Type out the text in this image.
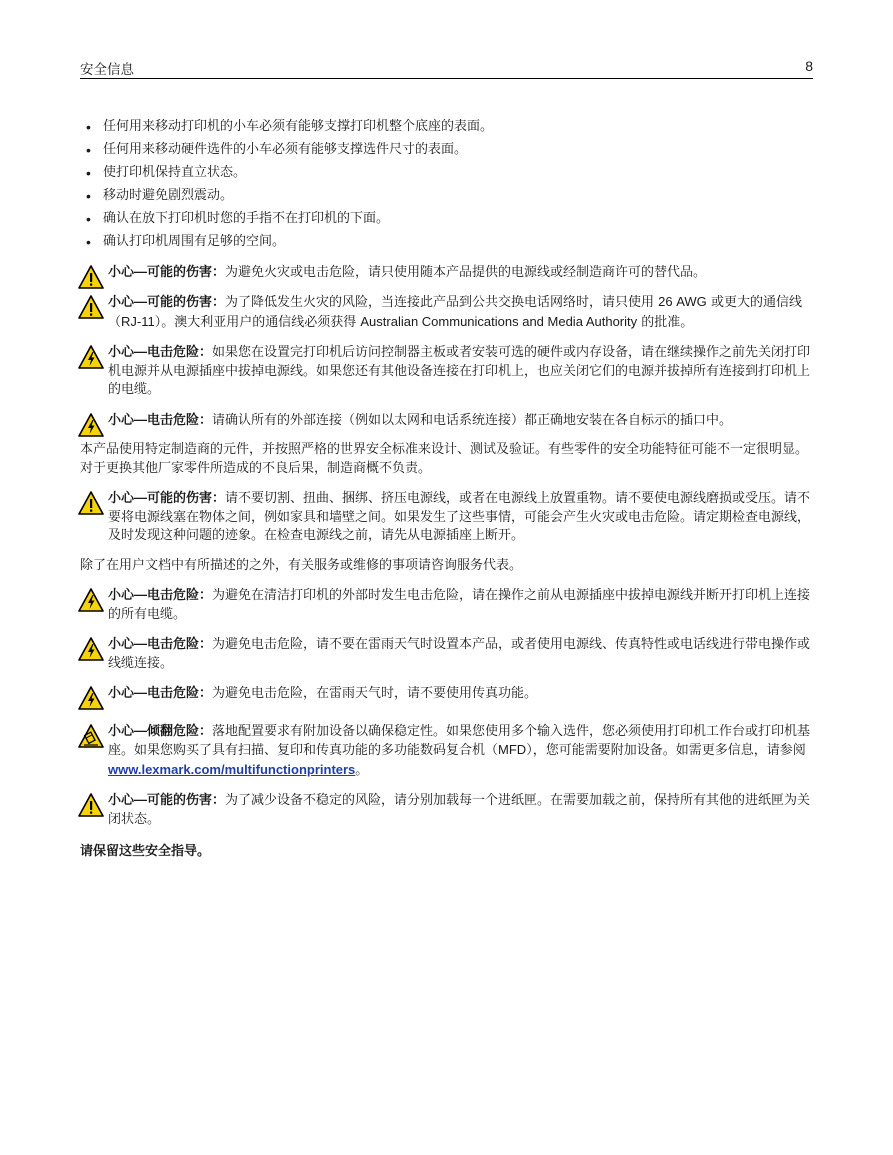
安全信息	8
• 任何用来移动打印机的小车必须有能够支撑打印机整个底座的表面。
• 任何用来移动硬件选件的小车必须有能够支撑选件尺寸的表面。
• 使打印机保持直立状态。
• 移动时避免剧烈震动。
• 确认在放下打印机时您的手指不在打印机的下面。
• 确认打印机周围有足够的空间。
小心—可能的伤害：为避免火灾或电击危险，请只使用随本产品提供的电源线或经制造商许可的替代品。
小心—可能的伤害：为了降低发生火灾的风险，当连接此产品到公共交换电话网络时，请只使用 26 AWG 或更大的通信线（RJ-11）。澳大利亚用户的通信线必须获得 Australian Communications and Media Authority 的批准。
小心—电击危险：如果您在设置完打印机后访问控制器主板或者安装可选的硬件或内存设备，请在继续操作之前先关闭打印机电源并从电源插座中拔掉电源线。如果您还有其他设备连接在打印机上，也应关闭它们的电源并拔掉所有连接到打印机上的电缆。
小心—电击危险：请确认所有的外部连接（例如以太网和电话系统连接）都正确地安装在各自标示的插口中。
本产品使用特定制造商的元件，并按照严格的世界安全标准来设计、测试及验证。有些零件的安全功能特征可能不一定很明显。对于更换其他厂家零件所造成的不良后果，制造商概不负责。
小心—可能的伤害：请不要切割、扭曲、捆绑、挤压电源线，或者在电源线上放置重物。请不要使电源线磨损或受压。请不要将电源线塞在物体之间，例如家具和墙壁之间。如果发生了这些事情，可能会产生火灾或电击危险。请定期检查电源线，及时发现这种问题的迹象。在检查电源线之前，请先从电源插座上断开。
除了在用户文档中有所描述的之外，有关服务或维修的事项请咨询服务代表。
小心—电击危险：为避免在清洁打印机的外部时发生电击危险，请在操作之前从电源插座中拔掉电源线并断开打印机上连接的所有电缆。
小心—电击危险：为避免电击危险，请不要在雷雨天气时设置本产品，或者使用电源线、传真特性或电话线进行带电操作或线缆连接。
小心—电击危险：为避免电击危险，在雷雨天气时，请不要使用传真功能。
小心—倾翻危险：落地配置要求有附加设备以确保稳定性。如果您使用多个输入选件，您必须使用打印机工作台或打印机基座。如果您购买了具有扫描、复印和传真功能的多功能数码复合机（MFD），您可能需要附加设备。如需更多信息，请参阅 www.lexmark.com/multifunctionprinters。
小心—可能的伤害：为了减少设备不稳定的风险，请分别加载每一个进纸匣。在需要加载之前，保持所有其他的进纸匣为关闭状态。
请保留这些安全指导。
